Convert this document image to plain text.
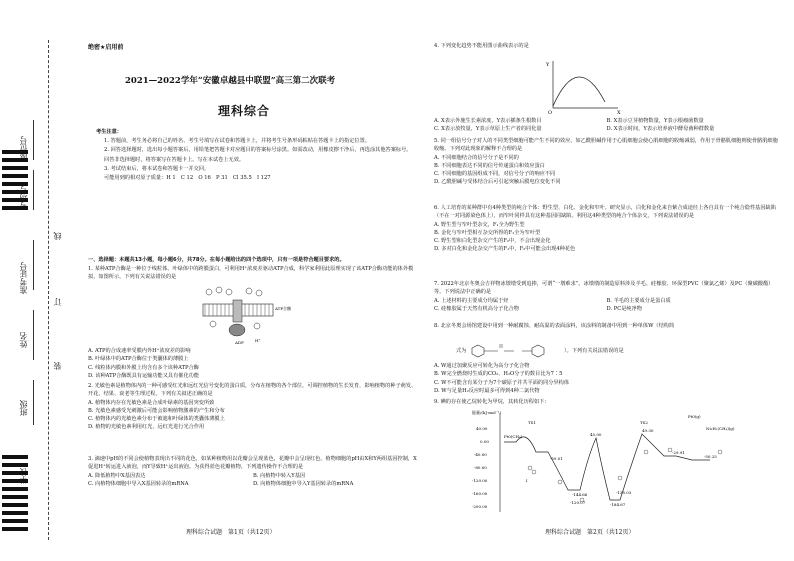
座位号
考场号
准考证号
姓名
班级
学校
线
订
装
绝密★启用前
2021—2022学年“安徽卓越县中联盟”高三第二次联考
理科综合
考生注意：

1. 答题前，考生务必将自己的姓名、考生号填写在试卷和答题卡上，并将考生号条形码粘贴在答题卡上的指定位置。

2. 回答选择题时，选出每小题答案后，用铅笔把答题卡对应题目的答案标号涂黑。如需改动，用橡皮擦干净后，再选涂其他答案标号。回答非选择题时，将答案写在答题卡上。写在本试卷上无效。

3. 考试结束后，将本试卷和答题卡一并交回。

可能用到的相对原子质量：H 1　C 12　O 16　P 31　Cl 35.5　I 127

一、选择题：本题共13小题，每小题6分，共78分。在每小题给出的四个选项中，只有一项是符合题目要求的。

1. 某种ATP合酶是一种位于线粒体、叶绿体中的跨膜蛋白，可利用H⁺浓度差驱动ATP合成，科学家利用此原理实现了该ATP合酶功能的体外模拟，如图所示。下列有关说法错误的是

ATP合酶
ADP	H⁺

A. ATP的合成速率受膜内外H⁺浓度差的影响

B. 叶绿体中的ATP合酶位于类囊体的薄膜上

C. 线粒体内膜和外膜上均含有多个该种ATP合酶

D. 该种ATP合酶既具有运输功能又具有催化功能

2. 光敏色素是植物体内的一种可感受红光和远红光信号变化的蛋白质，分布在植物的各个部位，可调控植物的生长发育，影响植物的种子萌发、开花、结果、衰老等生理过程。下列有关叙述正确的是

A. 植物体内存在光敏色素是合成叶绿素的基因突变所致

B. 光敏色素感受光刺激后可能会影响植物激素的产生和分布

C. 植物体内的光敏色素分布于被遮和叶绿体的类囊体薄膜上

D. 植物的光敏色素利用红光，远红光进行光合作用

3. 滴速中pH的不同会使植物表现出不同的花色，如某种植物用以花瓣会呈现蓝色，花瓣中会呈现红色。植物细胞的pH由X和Y两组基因控制，X促进H⁺转运进入液泡，而Y导致H⁺运出液泡。为获得蓝色花瓣植物，下列遗传操作不合理的是

A. 降低植物中X基因表达	B. 向植物中转入Y基因

C. 向植物体细胞中导入X基因转录的mRNA	D. 向植物体细胞中导入Y基因转录的mRNA

理科综合试题　第1页（共12页）

4. 下列变化趋势不能用图示曲线表示的是

Y
X
O

A. X表示外施生长素浓度，Y表示插条生根数目	B. X表示豆芽植物数量，Y表示根瘤菌数量

C. X表示放牧量，Y表示草原上生产者的同化量	D. X表示时间，Y表示培养液中酵母菌种群数量

5. 同一组信号分子对人的不同类型细胞可能产生不同的效应，如乙酰胆碱作用于心肌细胞会使心肌细胞的收缩减弱，作用于骨骼肌细胞则使骨骼肌细胞收缩。下列对此现象的解释不合理的是

A. 不同细胞结合的信号分子是不同的

B. 不同细胞表达不同的信号传递蛋白和效应蛋白

C. 不同细胞的基因组成不同，对信号分子的响应不同

D. 乙酰胆碱与受体结合后可引起突触后膜电位变化不同

6. 人工培育的某种群中有4种类型的纯合个体：野生型、白化、金化和窄叶。研究显示，白化和金化来自紫合成途径上各自具有一个纯合隐性基因缺陷（不在一对同源染色体上），而窄叶同样具有这种基因同缺陷。利用这4种类型的纯合个体杂交，下列说法错误的是

A. 野生型与窄叶型杂交，F₁全为野生型

B. 金化与窄叶型相互杂交所得的F₁全为窄叶型

C. 野生型和白化型杂交产生的F₂中，不会出现金化

D. 多对白化和金化杂交产生的F₁中，F₂中可能会出现4种花色

7. 2022年北京冬奥会吉祥物冰墩墩受到追捧，可谓“一墩难求”。冰墩墩的制造原料涉及羊毛、硅橡胶、环保型PVC（聚氯乙烯）及PC（聚碳酸酯）等。下列说法中正确的是

A. 上述材料的主要成分均属于烃	B. 羊毛的主要成分是蛋白质

C. 硅橡胶属于天然有机高分子化合物	D. PC是纯净物

8. 北京冬奥会场馆建设中用到一种耐腐蚀、耐高温的表面涂料，该涂料的制备中用到一种单体W（结构简

式为	）。下列有关说法错误的是

A. W通过加聚反应可转化为高分子化合物

B. W完全燃烧时生成的CO₂、H₂O分子的数目比为7∶5

C. W不可能含有某分子为7个碳原子并共平面的同分异构体

D. W与足量H₂反应时最多可得到4种二氯代物

9. 碘的存在使乙烷转化为甲烷，其转化历程如下：

能量/(kJ·mol⁻¹)
40.00
0.00
-40.00
-80.00
-120.00
-160.00
-200.00
Pt0(CH₄)
Pt0(g)
TS1	TS2
Ni₂H₁(CH₄)(g)
49.30
45.00
-29.91
-50.25
-59.01
-184.67
-144.66	-135.03
-120.07
I
理科综合试题　第2页（共12页）
